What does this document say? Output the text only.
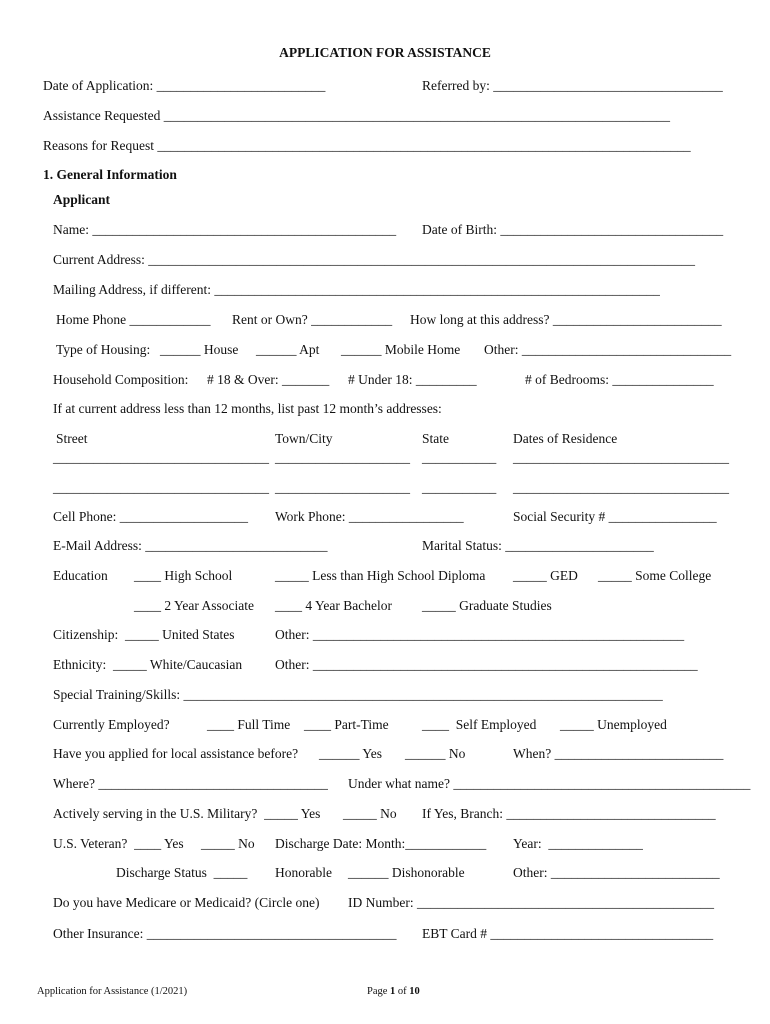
APPLICATION FOR ASSISTANCE
Date of Application: _________________________	Referred by: __________________________________
Assistance Requested ___________________________________________________________________________
Reasons for Request _______________________________________________________________________________
1. General Information
Applicant
Name: _____________________________________________ Date of Birth: _________________________________
Current Address: _________________________________________________________________________________
Mailing Address, if different: __________________________________________________________________
Home Phone ____________ Rent or Own? ____________ How long at this address? _________________________
Type of Housing: ______ House ______ Apt ______ Mobile Home Other: _______________________________
Household Composition: # 18 & Over: _______ # Under 18: _________	# of Bedrooms: _______________
If at current address less than 12 months, list past 12 month’s addresses:
Street	Town/City	State	Dates of Residence
________________________________ ____________________ ___________ ________________________________
________________________________ ____________________ ___________ ________________________________
Cell Phone: ___________________ Work Phone: _________________	Social Security # ________________
E-Mail Address: ___________________________	Marital Status: ______________________
Education ____ High School	_____ Less than High School Diploma _____ GED _____ Some College
____ 2 Year Associate ____ 4 Year Bachelor _____ Graduate Studies
Citizenship:  _____ United States	Other: _______________________________________________________
Ethnicity:  _____ White/Caucasian Other: _________________________________________________________
Special Training/Skills: _______________________________________________________________________
Currently Employed?	____ Full Time ____ Part-Time ____  Self Employed _____ Unemployed
Have you applied for local assistance before? ______ Yes ______ No	When? _________________________
Where? __________________________________ Under what name? ____________________________________________
Actively serving in the U.S. Military?  _____ Yes _____ No If Yes, Branch: _______________________________
U.S. Veteran?  ____ Yes _____ No Discharge Date: Month:____________ Year:  ______________
Discharge Status  _____ Honorable ______ Dishonorable	Other: _________________________
Do you have Medicare or Medicaid? (Circle one) ID Number: ____________________________________________
Other Insurance: _____________________________________ EBT Card # _________________________________
Application for Assistance (1/2021)	Page 1 of 10
